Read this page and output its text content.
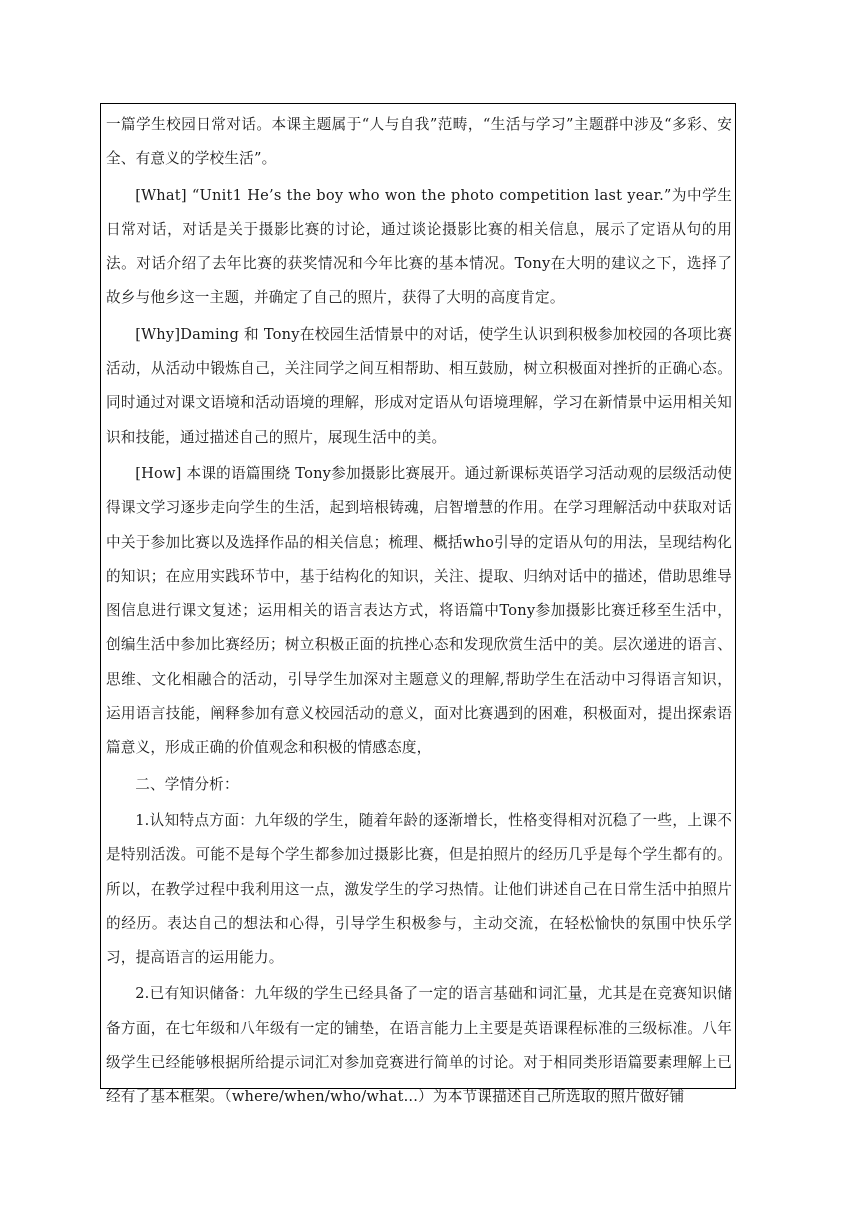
一篇学生校园日常对话。本课主题属于“人与自我”范畴，“生活与学习”主题群中涉及“多彩、安全、有意义的学校生活”。

[What] “Unit1 He’s the boy who won the photo competition last year.”为中学生日常对话，对话是关于摄影比赛的讨论，通过谈论摄影比赛的相关信息，展示了定语从句的用法。对话介绍了去年比赛的获奖情况和今年比赛的基本情况。Tony在大明的建议之下，选择了故乡与他乡这一主题，并确定了自己的照片，获得了大明的高度肯定。

[Why]Daming 和 Tony在校园生活情景中的对话，使学生认识到积极参加校园的各项比赛活动，从活动中锻炼自己，关注同学之间互相帮助、相互鼓励，树立积极面对挫折的正确心态。同时通过对课文语境和活动语境的理解，形成对定语从句语境理解，学习在新情景中运用相关知识和技能，通过描述自己的照片，展现生活中的美。

[How] 本课的语篇围绕 Tony参加摄影比赛展开。通过新课标英语学习活动观的层级活动使得课文学习逐步走向学生的生活，起到培根铸魂，启智增慧的作用。在学习理解活动中获取对话中关于参加比赛以及选择作品的相关信息；梳理、概括who引导的定语从句的用法，呈现结构化的知识；在应用实践环节中，基于结构化的知识，关注、提取、归纳对话中的描述，借助思维导图信息进行课文复述；运用相关的语言表达方式，将语篇中Tony参加摄影比赛迁移至生活中，创编生活中参加比赛经历；树立积极正面的抗挫心态和发现欣赏生活中的美。层次递进的语言、思维、文化相融合的活动，引导学生加深对主题意义的理解,帮助学生在活动中习得语言知识，运用语言技能，阐释参加有意义校园活动的意义，面对比赛遇到的困难，积极面对，提出探索语篇意义，形成正确的价值观念和积极的情感态度，

二、学情分析：

1.认知特点方面：九年级的学生，随着年龄的逐渐增长，性格变得相对沉稳了一些，上课不是特别活泼。可能不是每个学生都参加过摄影比赛，但是拍照片的经历几乎是每个学生都有的。所以，在教学过程中我利用这一点，激发学生的学习热情。让他们讲述自己在日常生活中拍照片的经历。表达自己的想法和心得，引导学生积极参与，主动交流，在轻松愉快的氛围中快乐学习，提高语言的运用能力。

2.已有知识储备：九年级的学生已经具备了一定的语言基础和词汇量，尤其是在竞赛知识储备方面，在七年级和八年级有一定的铺垫，在语言能力上主要是英语课程标准的三级标准。八年级学生已经能够根据所给提示词汇对参加竞赛进行简单的讨论。对于相同类形语篇要素理解上已经有了基本框架。（where/when/who/what...）为本节课描述自己所选取的照片做好铺
